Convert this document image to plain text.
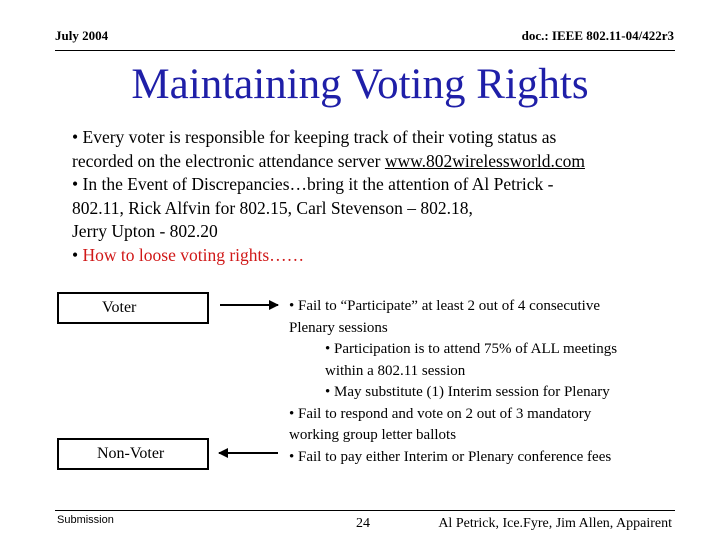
July 2004	doc.: IEEE 802.11-04/422r3
Maintaining Voting Rights
• Every voter is responsible for keeping track of their voting status as
recorded on the electronic attendance server www.802wirelessworld.com
• In the Event of Discrepancies…bring it the attention of Al Petrick -
802.11, Rick Alfvin for 802.15, Carl Stevenson – 802.18,
Jerry Upton - 802.20
• How to loose voting rights……
Voter
Non-Voter
• Fail to “Participate” at least 2 out of 4 consecutive
Plenary sessions
• Participation is to attend 75% of ALL meetings
within a 802.11 session
• May substitute (1) Interim session for Plenary
• Fail to respond and vote on 2 out of 3 mandatory
working group letter ballots
• Fail to pay either Interim or Plenary conference fees
Submission	24	Al Petrick, Ice.Fyre, Jim Allen, Appairent
